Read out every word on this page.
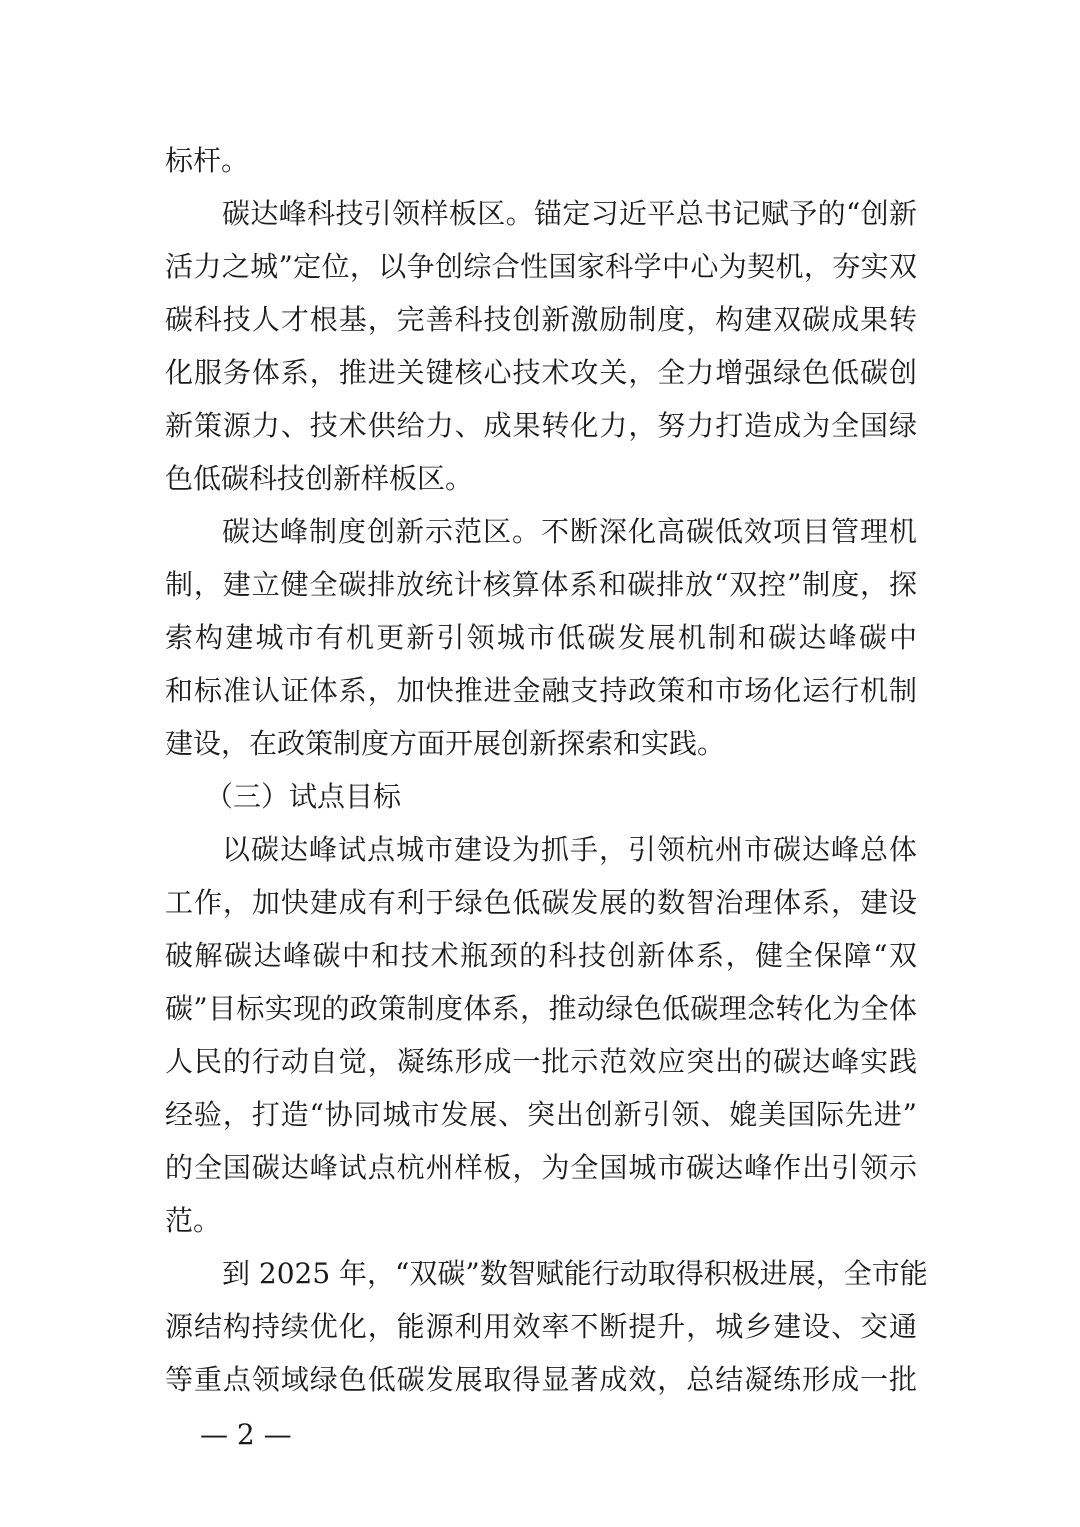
标杆。
碳达峰科技引领样板区。锚定习近平总书记赋予的“创新
活力之城”定位，以争创综合性国家科学中心为契机，夯实双
碳科技人才根基，完善科技创新激励制度，构建双碳成果转
化服务体系，推进关键核心技术攻关，全力增强绿色低碳创
新策源力、技术供给力、成果转化力，努力打造成为全国绿
色低碳科技创新样板区。
碳达峰制度创新示范区。不断深化高碳低效项目管理机
制，建立健全碳排放统计核算体系和碳排放“双控”制度，探
索构建城市有机更新引领城市低碳发展机制和碳达峰碳中
和标准认证体系，加快推进金融支持政策和市场化运行机制
建设，在政策制度方面开展创新探索和实践。
（三）试点目标
以碳达峰试点城市建设为抓手，引领杭州市碳达峰总体
工作，加快建成有利于绿色低碳发展的数智治理体系，建设
破解碳达峰碳中和技术瓶颈的科技创新体系，健全保障“双
碳”目标实现的政策制度体系，推动绿色低碳理念转化为全体
人民的行动自觉，凝练形成一批示范效应突出的碳达峰实践
经验，打造“协同城市发展、突出创新引领、媲美国际先进”
的全国碳达峰试点杭州样板，为全国城市碳达峰作出引领示
范。
到 2025 年，“双碳”数智赋能行动取得积极进展，全市能
源结构持续优化，能源利用效率不断提升，城乡建设、交通
等重点领域绿色低碳发展取得显著成效，总结凝练形成一批
— 2 —
